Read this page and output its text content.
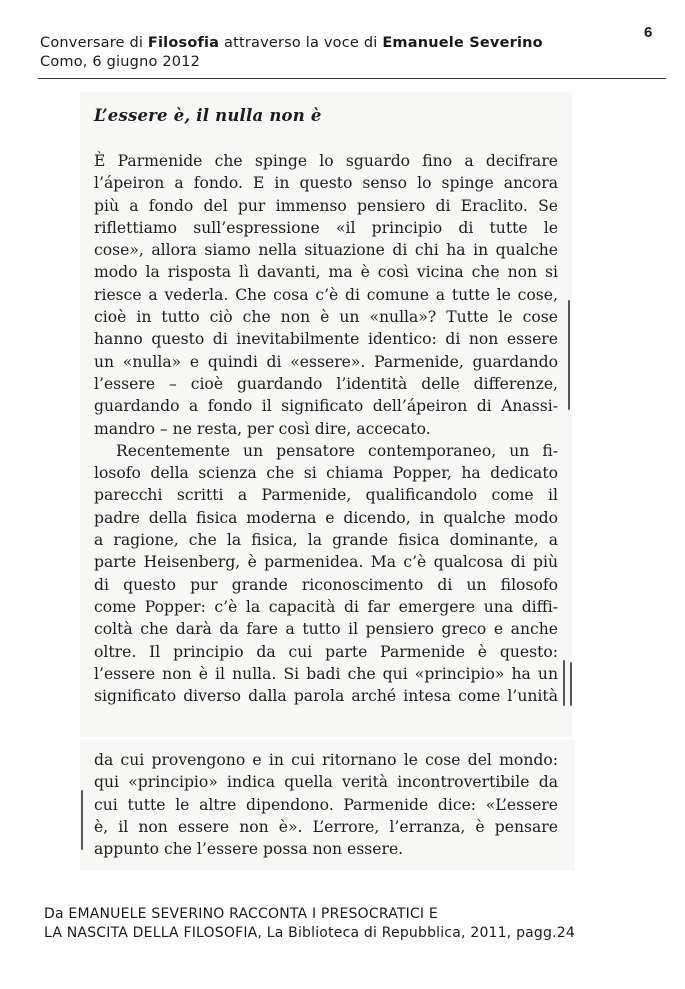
6
Conversare di Filosofia attraverso la voce di Emanuele Severino
Como, 6 giugno 2012
L’essere è, il nulla non è
È Parmenide che spinge lo sguardo fino a decifrare
l’ápeiron a fondo. E in questo senso lo spinge ancora
più a fondo del pur immenso pensiero di Eraclito. Se
riflettiamo sull’espressione «il principio di tutte le
cose», allora siamo nella situazione di chi ha in qualche
modo la risposta lì davanti, ma è così vicina che non si
riesce a vederla. Che cosa c’è di comune a tutte le cose,
cioè in tutto ciò che non è un «nulla»? Tutte le cose
hanno questo di inevitabilmente identico: di non essere
un «nulla» e quindi di «essere». Parmenide, guardando
l’essere – cioè guardando l’identità delle differenze,
guardando a fondo il significato dell’ápeiron di Anassi-
mandro – ne resta, per così dire, accecato.
Recentemente un pensatore contemporaneo, un fi-
losofo della scienza che si chiama Popper, ha dedicato
parecchi scritti a Parmenide, qualificandolo come il
padre della fisica moderna e dicendo, in qualche modo
a ragione, che la fisica, la grande fisica dominante, a
parte Heisenberg, è parmenidea. Ma c’è qualcosa di più
di questo pur grande riconoscimento di un filosofo
come Popper: c’è la capacità di far emergere una diffi-
coltà che darà da fare a tutto il pensiero greco e anche
oltre. Il principio da cui parte Parmenide è questo:
l’essere non è il nulla. Si badi che qui «principio» ha un
significato diverso dalla parola arché intesa come l’unità
da cui provengono e in cui ritornano le cose del mondo:
qui «principio» indica quella verità incontrovertibile da
cui tutte le altre dipendono. Parmenide dice: «L’essere
è, il non essere non è». L’errore, l’erranza, è pensare
appunto che l’essere possa non essere.
Da EMANUELE SEVERINO RACCONTA I PRESOCRATICI E
LA NASCITA DELLA FILOSOFIA, La Biblioteca di Repubblica, 2011, pagg.24
